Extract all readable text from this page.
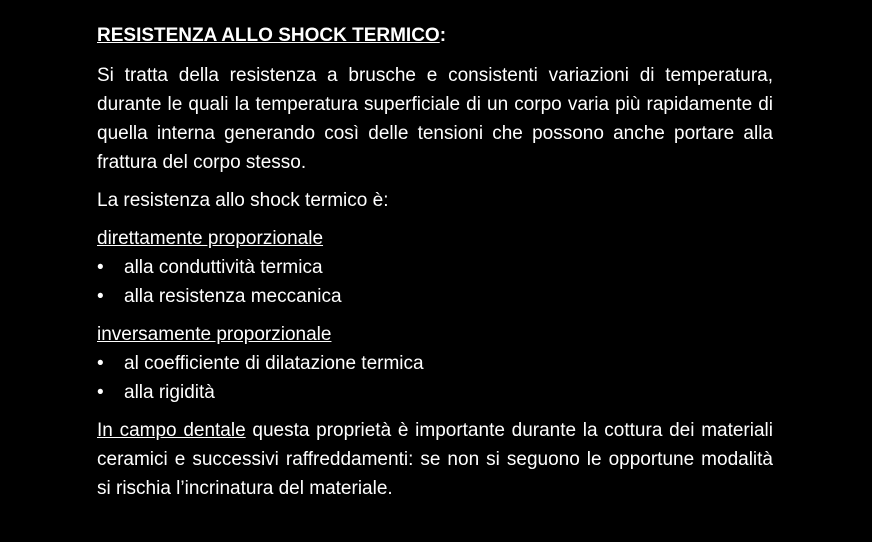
RESISTENZA ALLO SHOCK TERMICO:
Si tratta della resistenza a brusche e consistenti variazioni di temperatura, durante le quali la temperatura superficiale di un corpo varia più rapidamente di quella interna generando così delle tensioni che possono anche portare alla frattura del corpo stesso.
La resistenza allo shock termico è:
direttamente proporzionale
• alla conduttività termica
• alla resistenza meccanica
inversamente proporzionale
• al coefficiente di dilatazione termica
• alla rigidità
In campo dentale questa proprietà è importante durante la cottura dei materiali ceramici e successivi raffreddamenti: se non si seguono le opportune modalità si rischia l’incrinatura del materiale.
